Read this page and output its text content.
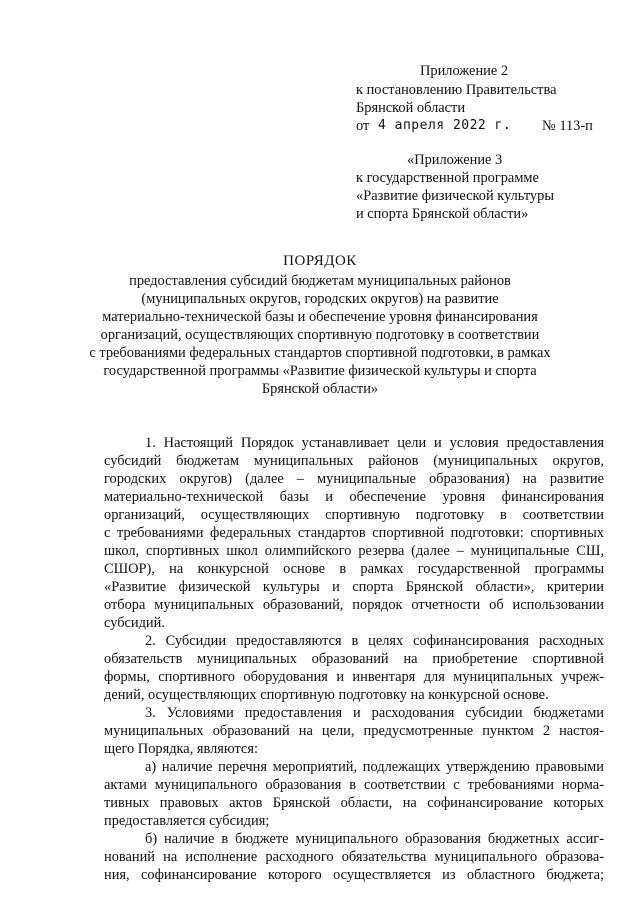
Приложение 2
к постановлению Правительства
Брянской области
от 4 апреля 2022 г. № 113-п
«Приложение 3
к государственной программе
«Развитие физической культуры
и спорта Брянской области»
ПОРЯДОК
предоставления субсидий бюджетам муниципальных районов
(муниципальных округов, городских округов) на развитие
материально-технической базы и обеспечение уровня финансирования
организаций, осуществляющих спортивную подготовку в соответствии
с требованиями федеральных стандартов спортивной подготовки, в рамках
государственной программы «Развитие физической культуры и спорта
Брянской области»
1. Настоящий Порядок устанавливает цели и условия предоставления
субсидий бюджетам муниципальных районов (муниципальных округов,
городских округов) (далее – муниципальные образования) на развитие
материально-технической базы и обеспечение уровня финансирования
организаций, осуществляющих спортивную подготовку в соответствии
с требованиями федеральных стандартов спортивной подготовки: спортивных
школ, спортивных школ олимпийского резерва (далее – муниципальные СШ,
СШОР), на конкурсной основе в рамках государственной программы
«Развитие физической культуры и спорта Брянской области», критерии
отбора муниципальных образований, порядок отчетности об использовании
субсидий.
2. Субсидии предоставляются в целях софинансирования расходных
обязательств муниципальных образований на приобретение спортивной
формы, спортивного оборудования и инвентаря для муниципальных учреж-
дений, осуществляющих спортивную подготовку на конкурсной основе.
3. Условиями предоставления и расходования субсидии бюджетами
муниципальных образований на цели, предусмотренные пунктом 2 настоя-
щего Порядка, являются:
а) наличие перечня мероприятий, подлежащих утверждению правовыми
актами муниципального образования в соответствии с требованиями норма-
тивных правовых актов Брянской области, на софинансирование которых
предоставляется субсидия;
б) наличие в бюджете муниципального образования бюджетных ассиг-
нований на исполнение расходного обязательства муниципального образова-
ния, софинансирование которого осуществляется из областного бюджета;
